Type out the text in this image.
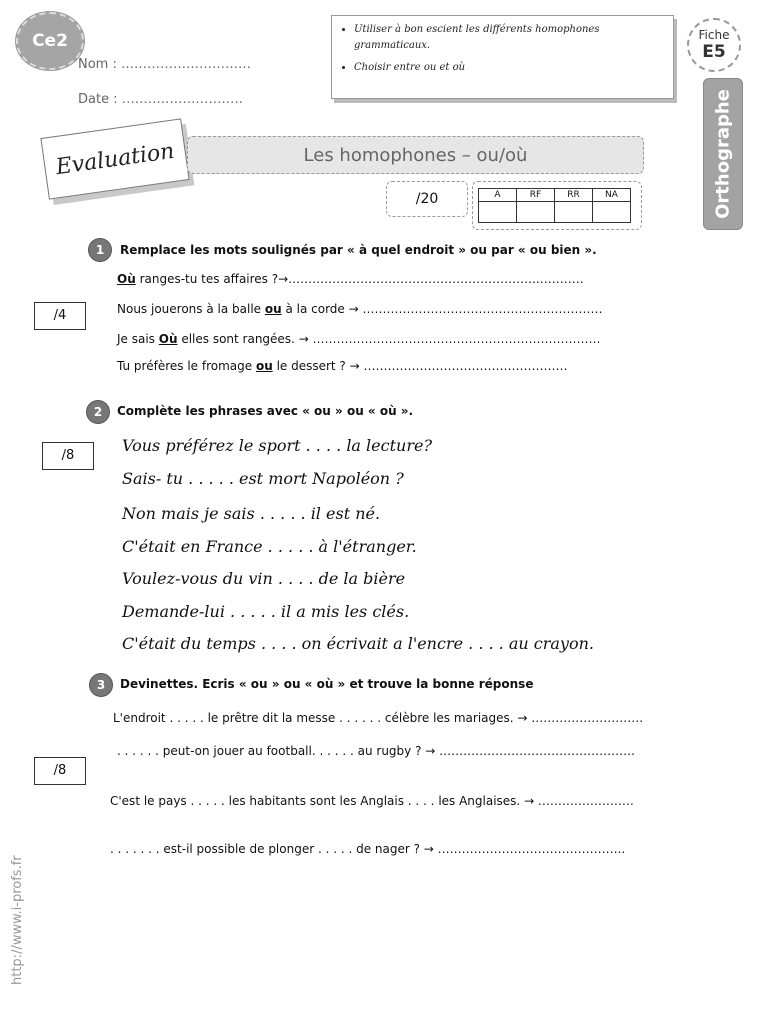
Ce2
Nom : …………………………
Date : ……………………….
• Utiliser à bon escient les différents homophones grammaticaux.
• Choisir entre ou et où
Fiche
E5
Orthographe
Evaluation	Les homophones – ou/où
/20	A	RF	RR	NA

1	Remplace les mots soulignés par « à quel endroit » ou par « ou bien ».
/4
Où ranges-tu tes affaires ?→……………………………………………………..…………
Nous jouerons à la balle ou à la corde → ……………………………………………………
Je sais Où elles sont rangées. → ………………………………………………………………
Tu préfères le fromage ou le dessert ? → ……………………………………………
2	Complète les phrases avec « ou » ou « où ».
/8
Vous préférez le sport . . . . la lecture?
Sais- tu . . . . . est mort Napoléon ?
Non mais je sais . . . . . il est né.
C'était en France . . . . . à l'étranger.
Voulez-vous du vin . . . . de la bière
Demande-lui . . . . . il a mis les clés.
C'était du temps . . . . on écrivait a l'encre . . . . au crayon.
3	Devinettes. Ecris « ou » ou « où » et trouve la bonne réponse
/8
L'endroit . . . . . le prêtre dit la messe . . . . . . célèbre les mariages. → ……………………….
. . . . . . peut-on jouer au football. . . . . . au rugby ? → ………………………………………….
C'est le pays . . . . . les habitants sont les Anglais . . . . les Anglaises. → ……………………
. . . . . . . est-il possible de plonger . . . . . de nager ? → ………………………………………..
http://www.i-profs.fr
